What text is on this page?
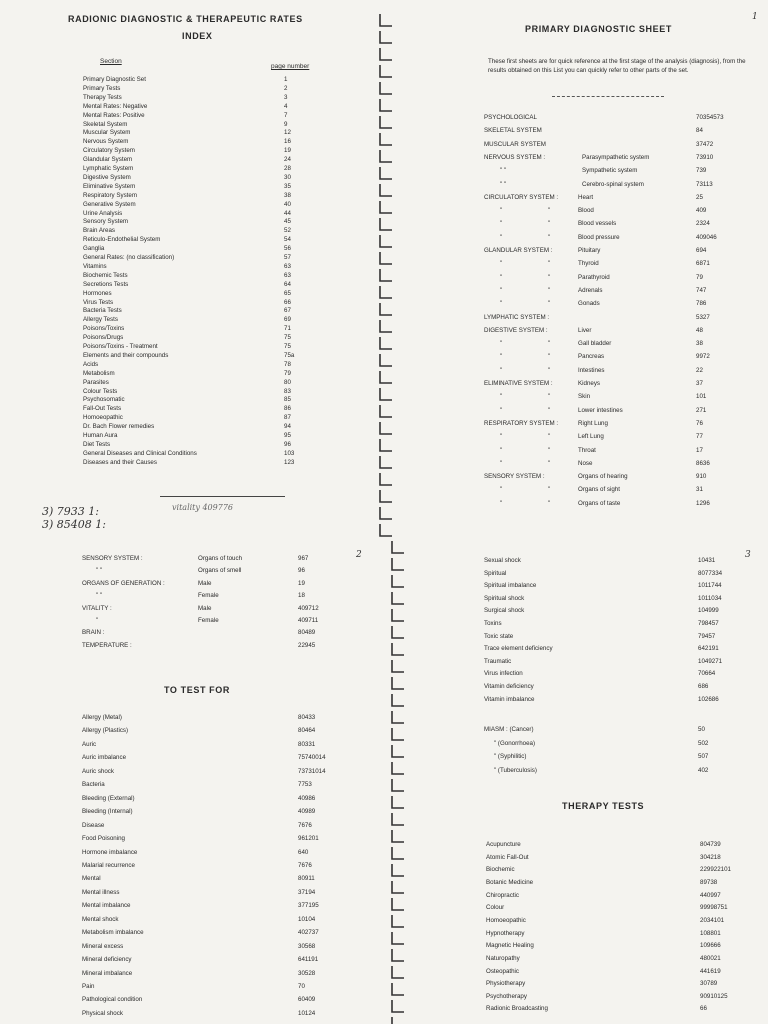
RADIONIC DIAGNOSTIC & THERAPEUTIC RATES
INDEX
Section
page number
Primary Diagnostic Set	1
Primary Tests	2
Therapy Tests	3
Mental Rates: Negative	4
Mental Rates: Positive	7
Skeletal System	9
Muscular System	12
Nervous System	16
Circulatory System	19
Glandular System	24
Lymphatic System	28
Digestive System	30
Eliminative System	35
Respiratory System	38
Generative System	40
Urine Analysis	44
Sensory System	45
Brain Areas	52
Reticulo-Endothelial System	54
Ganglia	56
General Rates: (no classification)	57
Vitamins	63
Biochemic Tests	63
Secretions Tests	64
Hormones	65
Virus Tests	66
Bacteria Tests	67
Allergy Tests	69
Poisons/Toxins	71
Poisons/Drugs	75
Poisons/Toxins - Treatment	75
Elements and their compounds	75a
Acids	78
Metabolism	79
Parasites	80
Colour Tests	83
Psychosomatic	85
Fall-Out Tests	86
Homoeopathic	87
Dr. Bach Flower remedies	94
Human Aura	95
Diet Tests	96
General Diseases and Clinical Conditions	103
Diseases and their Causes	123
3) 7933 1:
3) 85408 1:
vitality 409776
1
PRIMARY DIAGNOSTIC SHEET
These first sheets are for quick reference at the first stage of the analysis (diagnosis), from the results obtained on this List you can quickly refer to other parts of the set.
PSYCHOLOGICAL	70354573
SKELETAL SYSTEM	84
MUSCULAR SYSTEM	37472
NERVOUS SYSTEM :	Parasympathetic system	73910
" "	Sympathetic system	739
" "	Cerebro-spinal system	73113
CIRCULATORY SYSTEM :	Heart	25
"	"	Blood	409
"	"	Blood vessels	2324
"	"	Blood pressure	409046
GLANDULAR SYSTEM :	Pituitary	694
"	"	Thyroid	6871
"	"	Parathyroid	79
"	"	Adrenals	747
"	"	Gonads	786
LYMPHATIC SYSTEM :	5327
DIGESTIVE SYSTEM :	Liver	48
"	"	Gall bladder	38
"	"	Pancreas	9972
"	"	Intestines	22
ELIMINATIVE SYSTEM :	Kidneys	37
"	"	Skin	101
"	"	Lower intestines	271
RESPIRATORY SYSTEM :	Right Lung	76
"	"	Left Lung	77
"	"	Throat	17
"	"	Nose	8636
SENSORY SYSTEM :	Organs of hearing	910
"	"	Organs of sight	31
"	"	Organs of taste	1296
2
SENSORY SYSTEM :	Organs of touch	967
" "	Organs of smell	96
ORGANS OF GENERATION :	Male	19
" "	Female	18
VITALITY :	Male	409712
"	Female	409711
BRAIN :	80489
TEMPERATURE :	22945
TO TEST FOR
Allergy (Metal)	80433
Allergy (Plastics)	80464
Auric	80331
Auric imbalance	75740014
Auric shock	73731014
Bacteria	7753
Bleeding (External)	40986
Bleeding (Internal)	40989
Disease	7676
Food Poisoning	961201
Hormone imbalance	640
Malarial recurrence	7676
Mental	80911
Mental illness	37194
Mental imbalance	377195
Mental shock	10104
Metabolism imbalance	402737
Mineral excess	30568
Mineral deficiency	641191
Mineral imbalance	30528
Pain	70
Pathological condition	60409
Physical shock	10124
3
Sexual shock	10431
Spiritual	8077334
Spiritual imbalance	1011744
Spiritual shock	1011034
Surgical shock	104999
Toxins	798457
Toxic state	79457
Trace element deficiency	642191
Traumatic	1049271
Virus infection	70664
Vitamin deficiency	686
Vitamin imbalance	102686
MIASM : (Cancer)	50
" (Gonorrhoea)	502
" (Syphilitic)	507
" (Tuberculosis)	402
THERAPY TESTS
Acupuncture	804739
Atomic Fall-Out	304218
Biochemic	229922101
Botanic Medicine	89738
Chiropractic	440997
Colour	99998751
Homoeopathic	2034101
Hypnotherapy	108801
Magnetic Healing	109666
Naturopathy	480021
Osteopathic	441619
Physiotherapy	30789
Psychotherapy	90910125
Radionic Broadcasting	66
